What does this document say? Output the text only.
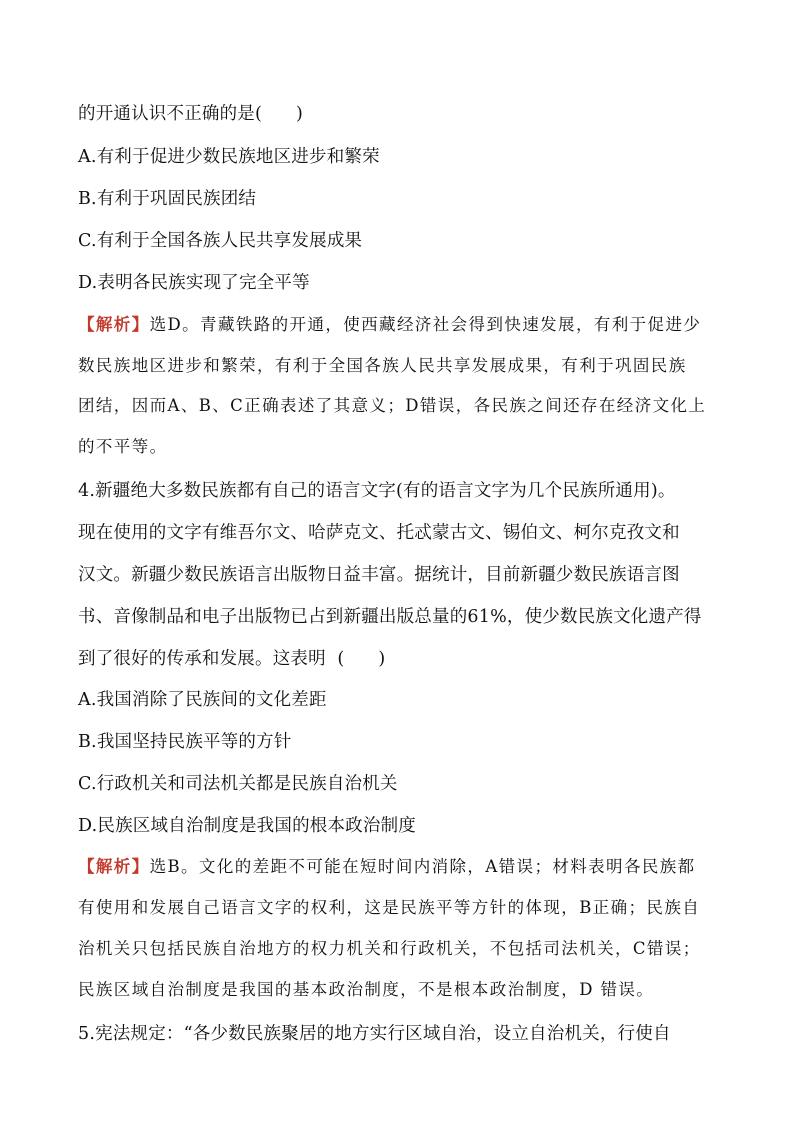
的开通认识不正确的是( )
A.有利于促进少数民族地区进步和繁荣
B.有利于巩固民族团结
C.有利于全国各族人民共享发展成果
D.表明各民族实现了完全平等
【解析】选D。青藏铁路的开通，使西藏经济社会得到快速发展，有利于促进少
数民族地区进步和繁荣，有利于全国各族人民共享发展成果，有利于巩固民族
团结，因而A、B、C正确表述了其意义；D错误，各民族之间还存在经济文化上
的不平等。
4.新疆绝大多数民族都有自己的语言文字(有的语言文字为几个民族所通用)。
现在使用的文字有维吾尔文、哈萨克文、托忒蒙古文、锡伯文、柯尔克孜文和
汉文。新疆少数民族语言出版物日益丰富。据统计，目前新疆少数民族语言图
书、音像制品和电子出版物已占到新疆出版总量的61%，使少数民族文化遗产得
到了很好的传承和发展。这表明 ( )
A.我国消除了民族间的文化差距
B.我国坚持民族平等的方针
C.行政机关和司法机关都是民族自治机关
D.民族区域自治制度是我国的根本政治制度
【解析】选B。文化的差距不可能在短时间内消除，A错误；材料表明各民族都
有使用和发展自己语言文字的权利，这是民族平等方针的体现，B正确；民族自
治机关只包括民族自治地方的权力机关和行政机关，不包括司法机关，C错误；
民族区域自治制度是我国的基本政治制度，不是根本政治制度，D 错误。
5.宪法规定：“各少数民族聚居的地方实行区域自治，设立自治机关，行使自
